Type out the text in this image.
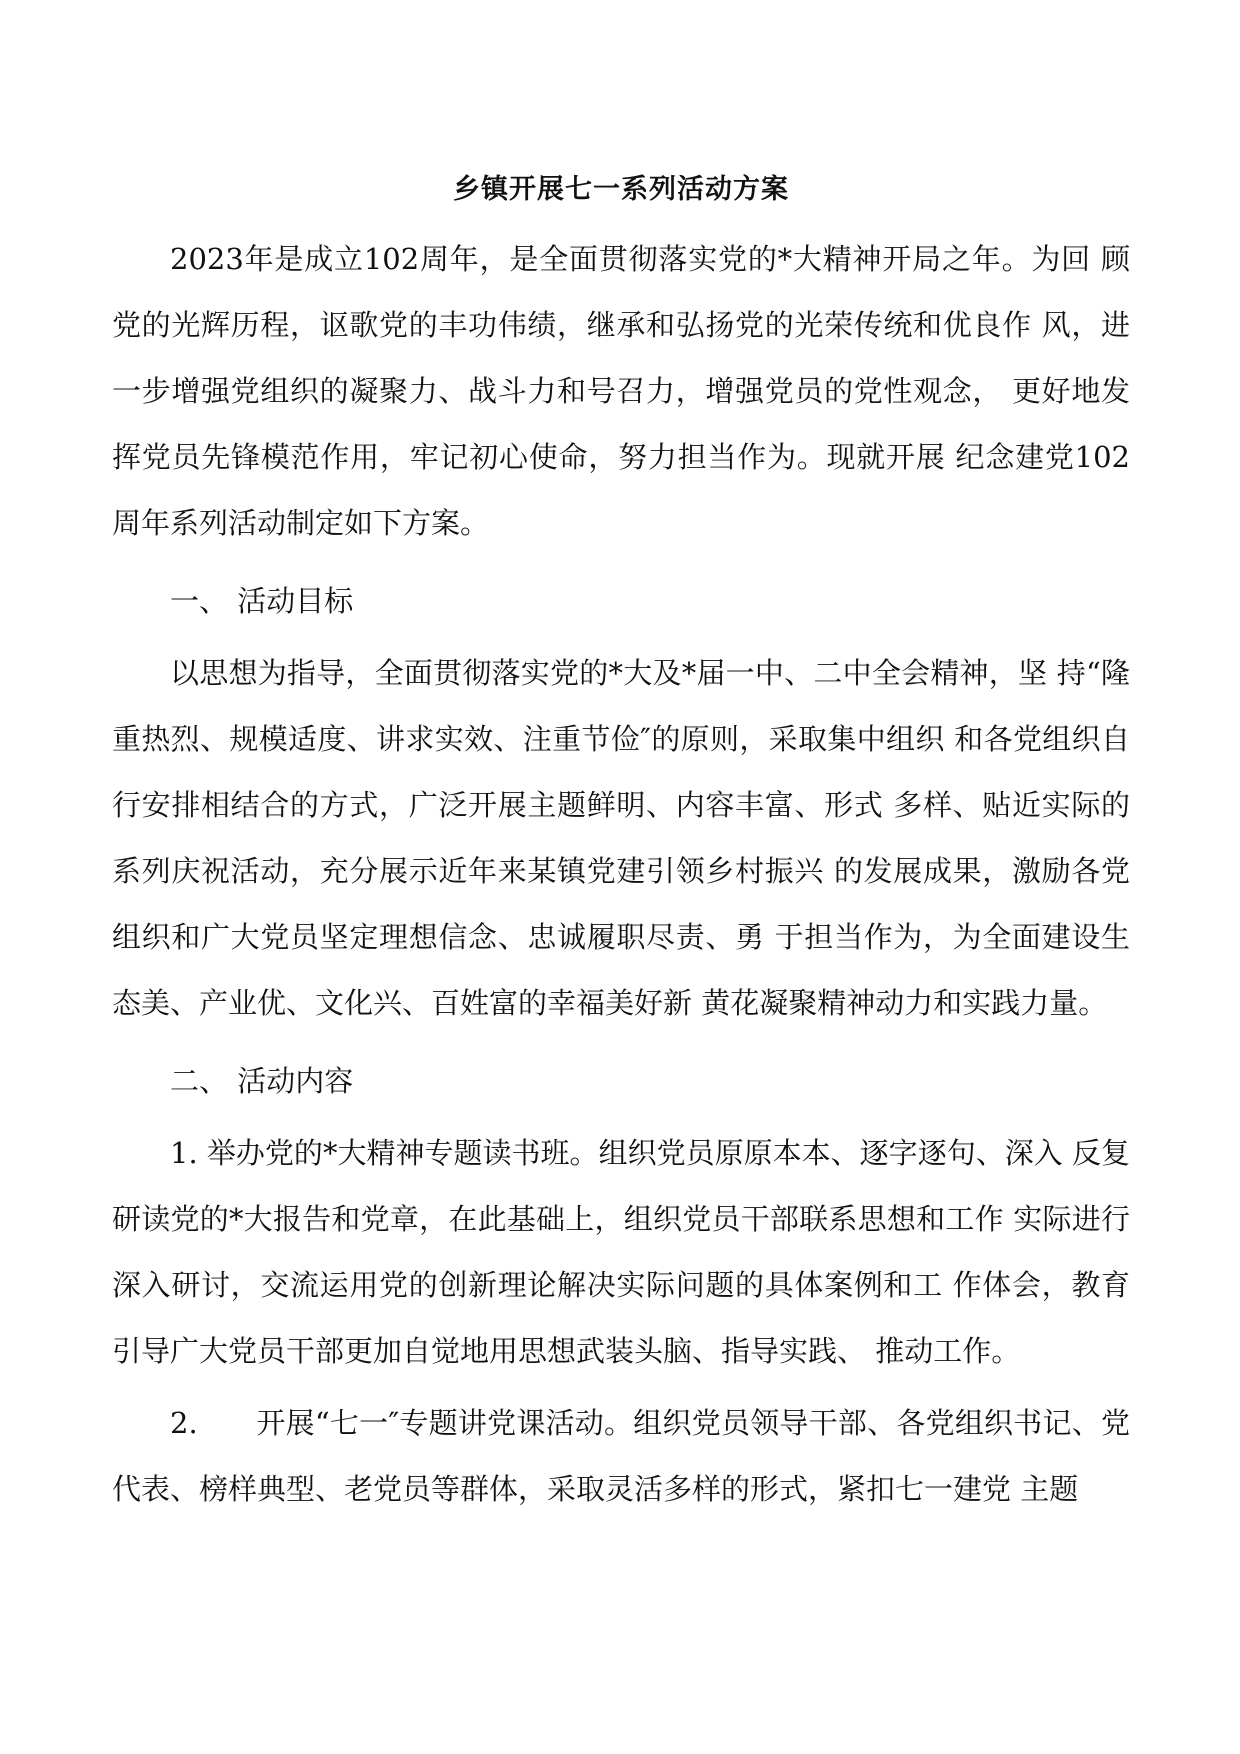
乡镇开展七一系列活动方案

2023年是成立102周年，是全面贯彻落实党的*大精神开局之年。为回 顾党的光辉历程，讴歌党的丰功伟绩，继承和弘扬党的光荣传统和优良作 风，进一步增强党组织的凝聚力、战斗力和号召力，增强党员的党性观念， 更好地发挥党员先锋模范作用，牢记初心使命，努力担当作为。现就开展 纪念建党102周年系列活动制定如下方案。

一、 活动目标

以思想为指导，全面贯彻落实党的*大及*届一中、二中全会精神，坚 持“隆重热烈、规模适度、讲求实效、注重节俭″的原则，采取集中组织 和各党组织自行安排相结合的方式，广泛开展主题鲜明、内容丰富、形式 多样、贴近实际的系列庆祝活动，充分展示近年来某镇党建引领乡村振兴 的发展成果，激励各党组织和广大党员坚定理想信念、忠诚履职尽责、勇 于担当作为，为全面建设生态美、产业优、文化兴、百姓富的幸福美好新 黄花凝聚精神动力和实践力量。

二、 活动内容

1. 举办党的*大精神专题读书班。组织党员原原本本、逐字逐句、深入 反复研读党的*大报告和党章，在此基础上，组织党员干部联系思想和工作 实际进行深入研讨，交流运用党的创新理论解决实际问题的具体案例和工 作体会，教育引导广大党员干部更加自觉地用思想武装头脑、指导实践、 推动工作。

2.　　开展“七一″专题讲党课活动。组织党员领导干部、各党组织书记、党代表、榜样典型、老党员等群体，采取灵活多样的形式，紧扣七一建党 主题
